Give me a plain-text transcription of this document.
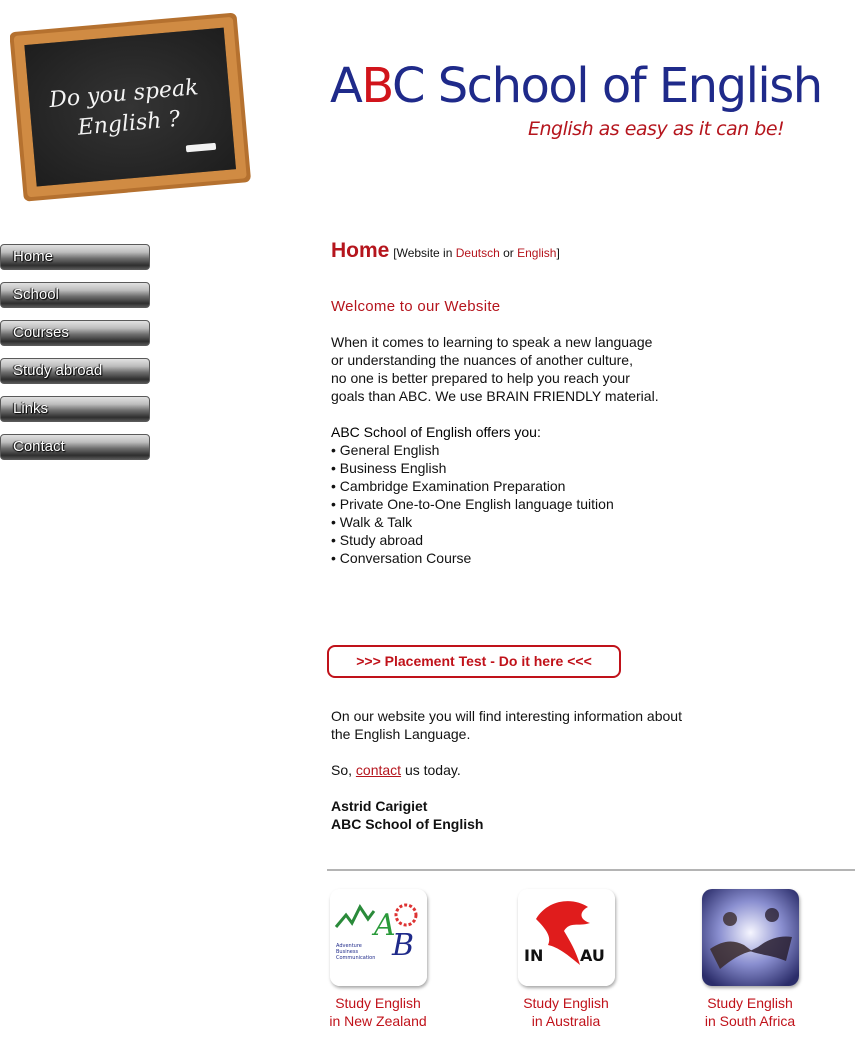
Do you speak
English ?
ABC School of English
English as easy as it can be!
Home
School
Courses
Study abroad
Links
Contact
Home [Website in Deutsch or English]
Welcome to our Website

When it comes to learning to speak a new language

or understanding the nuances of another culture,

no one is better prepared to help you reach your

goals than ABC. We use BRAIN FRIENDLY material.

ABC School of English offers you:

• General English

• Business English

• Cambridge Examination Preparation

• Private One-to-One English language tuition

• Walk & Talk

• Study abroad

• Conversation Course

>>> Placement Test - Do it here <<<

On our website you will find interesting information about

the English Language.

So, contact us today.

Astrid Carigiet

ABC School of English

A
B
Adventure
Business
Communication
Study English
in New Zealand
IN AU
Study English
in Australia
Study English
in South Africa
